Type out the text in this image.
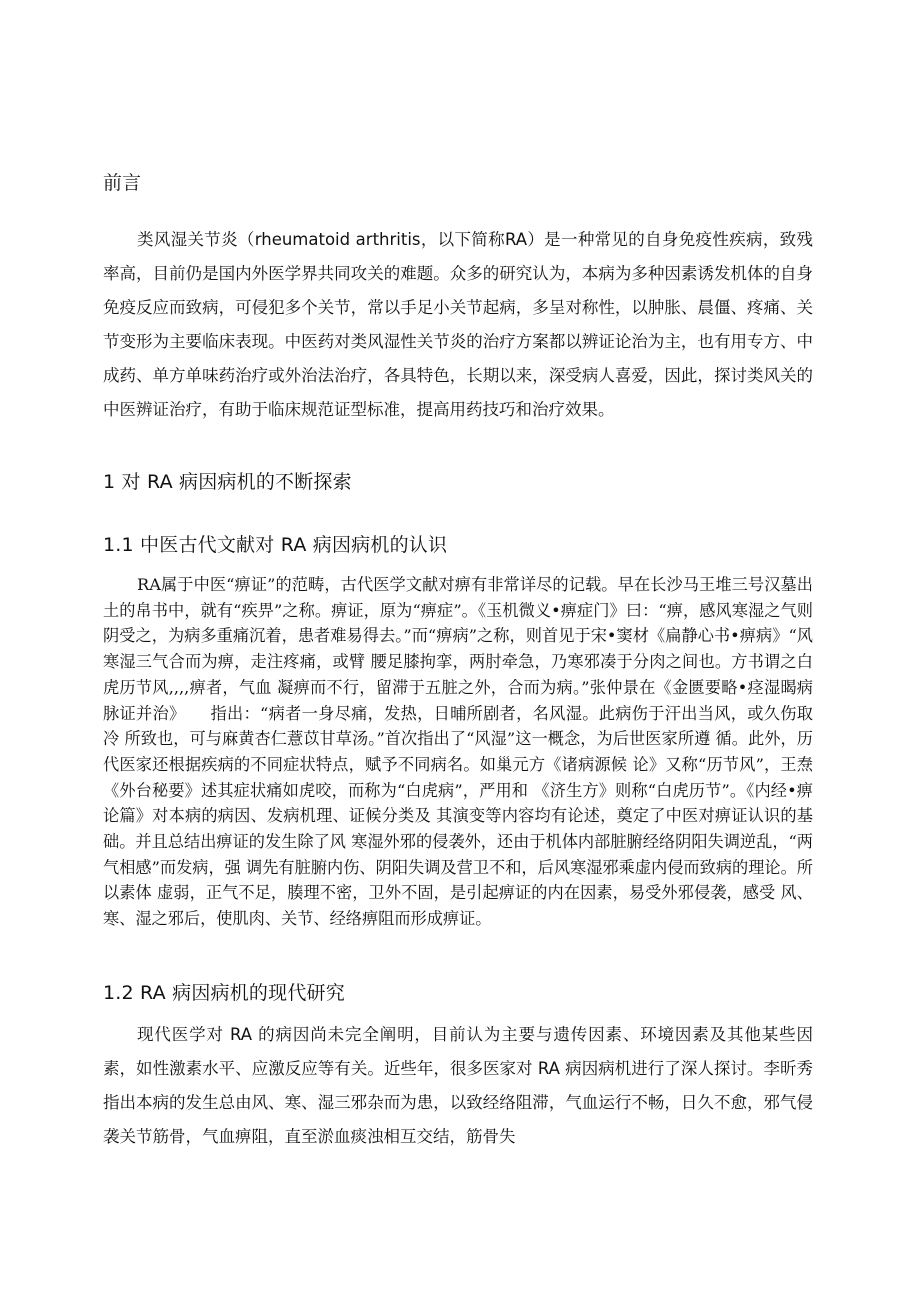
前言

类风湿关节炎（rheumatoid arthritis，以下简称RA）是一种常见的自身免疫性疾病，致残率高，目前仍是国内外医学界共同攻关的难题。众多的研究认为，本病为多种因素诱发机体的自身免疫反应而致病，可侵犯多个关节，常以手足小关节起病，多呈对称性，以肿胀、晨僵、疼痛、关节变形为主要临床表现。中医药对类风湿性关节炎的治疗方案都以辨证论治为主，也有用专方、中成药、单方单味药治疗或外治法治疗，各具特色，长期以来，深受病人喜爱，因此，探讨类风关的中医辨证治疗，有助于临床规范证型标准，提高用药技巧和治疗效果。

1 对 RA 病因病机的不断探索
1.1 中医古代文献对 RA 病因病机的认识

RA属于中医“痹证”的范畴，古代医学文献对痹有非常详尽的记载。早在长沙马王堆三号汉墓出土的帛书中，就有“疾畀”之称。痹证，原为“痹症”。《玉机微义•痹症门》曰：“痹，感风寒湿之气则阴受之，为病多重痛沉着，患者难易得去。”而“痹病”之称，则首见于宋•窦材《扁静心书•痹病》“风寒湿三气合而为痹，走注疼痛，或臂 腰足膝拘挛，两肘牵急，乃寒邪凑于分肉之间也。方书谓之白虎历节风,,,,痹者，气血 凝痹而不行，留滞于五脏之外，合而为病。”张仲景在《金匮要略•痉湿暍病脉证并治》　　指出：“病者一身尽痛，发热，日晡所剧者，名风湿。此病伤于汗出当风，或久伤取冷 所致也，可与麻黄杏仁薏苡甘草汤。”首次指出了“风湿”这一概念，为后世医家所遵 循。此外，历代医家还根据疾病的不同症状特点，赋予不同病名。如巢元方《诸病源候 论》又称“历节风”，王焘《外台秘要》述其症状痛如虎咬，而称为“白虎病”，严用和 《济生方》则称“白虎历节”。《内经•痹论篇》对本病的病因、发病机理、证候分类及 其演变等内容均有论述，奠定了中医对痹证认识的基础。并且总结出痹证的发生除了风 寒湿外邪的侵袭外，还由于机体内部脏腑经络阴阳失调逆乱，“两气相感”而发病，强 调先有脏腑内伤、阴阳失调及营卫不和，后风寒湿邪乘虚内侵而致病的理论。所以素体 虚弱，正气不足，腠理不密，卫外不固，是引起痹证的内在因素，易受外邪侵袭，感受 风、寒、湿之邪后，使肌肉、关节、经络痹阻而形成痹证。

1.2 RA 病因病机的现代研究

现代医学对 RA 的病因尚未完全阐明，目前认为主要与遗传因素、环境因素及其他某些因素，如性激素水平、应激反应等有关。近些年，很多医家对 RA 病因病机进行了深人探讨。李昕秀指出本病的发生总由风、寒、湿三邪杂而为患，以致经络阻滞，气血运行不畅，日久不愈，邪气侵袭关节筋骨，气血痹阻，直至淤血痰浊相互交结，筋骨失
